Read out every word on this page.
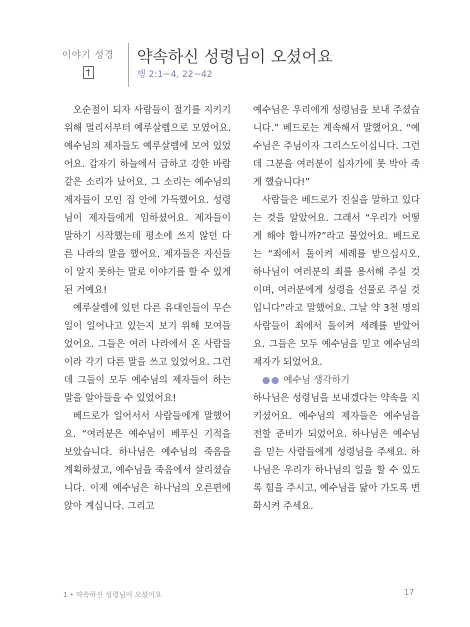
이야기 성경	약속하신 성령님이 오셨어요
행 2:1~4, 22~42

오순절이 되자 사람들이 절기를 지키기 위해 멀리서부터 예루살렘으로 모였어요. 예수님의 제자들도 예루살렘에 모여 있었어요. 갑자기 하늘에서 급하고 강한 바람 같은 소리가 났어요. 그 소리는 예수님의 제자들이 모인 집 안에 가득했어요. 성령님이 제자들에게 임하셨어요. 제자들이 말하기 시작했는데 평소에 쓰지 않던 다른 나라의 말을 했어요. 제자들은 자신들이 알지 못하는 말로 이야기를 할 수 있게 된 거예요!

예루살렘에 있던 다른 유대인들이 무슨 일이 일어나고 있는지 보기 위해 모여들었어요. 그들은 여러 나라에서 온 사람들이라 각기 다른 말을 쓰고 있었어요. 그런데 그들이 모두 예수님의 제자들이 하는 말을 알아들을 수 있었어요!

베드로가 일어서서 사람들에게 말했어요. “여러분은 예수님이 베푸신 기적을 보았습니다. 하나님은 예수님의 죽음을 계획하셨고, 예수님을 죽음에서 살리셨습니다. 이제 예수님은 하나님의 오른편에 앉아 계십니다. 그리고

예수님은 우리에게 성령님을 보내 주셨습니다.” 베드로는 계속해서 말했어요. “예수님은 주님이자 그리스도이십니다. 그런데 그분을 여러분이 십자가에 못 박아 죽게 했습니다!”

사람들은 베드로가 진실을 말하고 있다는 것을 알았어요. 그래서 “우리가 어떻게 해야 합니까?”라고 물었어요. 베드로는 “죄에서 돌이켜 세례를 받으십시오. 하나님이 여러분의 죄를 용서해 주실 것이며, 여러분에게 성령을 선물로 주실 것입니다”라고 말했어요. 그날 약 3천 명의 사람들이 죄에서 돌이켜 세례를 받았어요. 그들은 모두 예수님을 믿고 예수님의 제자가 되었어요.

●● 예수님 생각하기

하나님은 성령님을 보내겠다는 약속을 지키셨어요. 예수님의 제자들은 예수님을 전할 준비가 되었어요. 하나님은 예수님을 믿는 사람들에게 성령님을 주세요. 하나님은 우리가 하나님의 일을 할 수 있도록 힘을 주시고, 예수님을 닮아 가도록 변화시켜 주세요.

1 • 약속하신 성령님이 오셨어요	17
